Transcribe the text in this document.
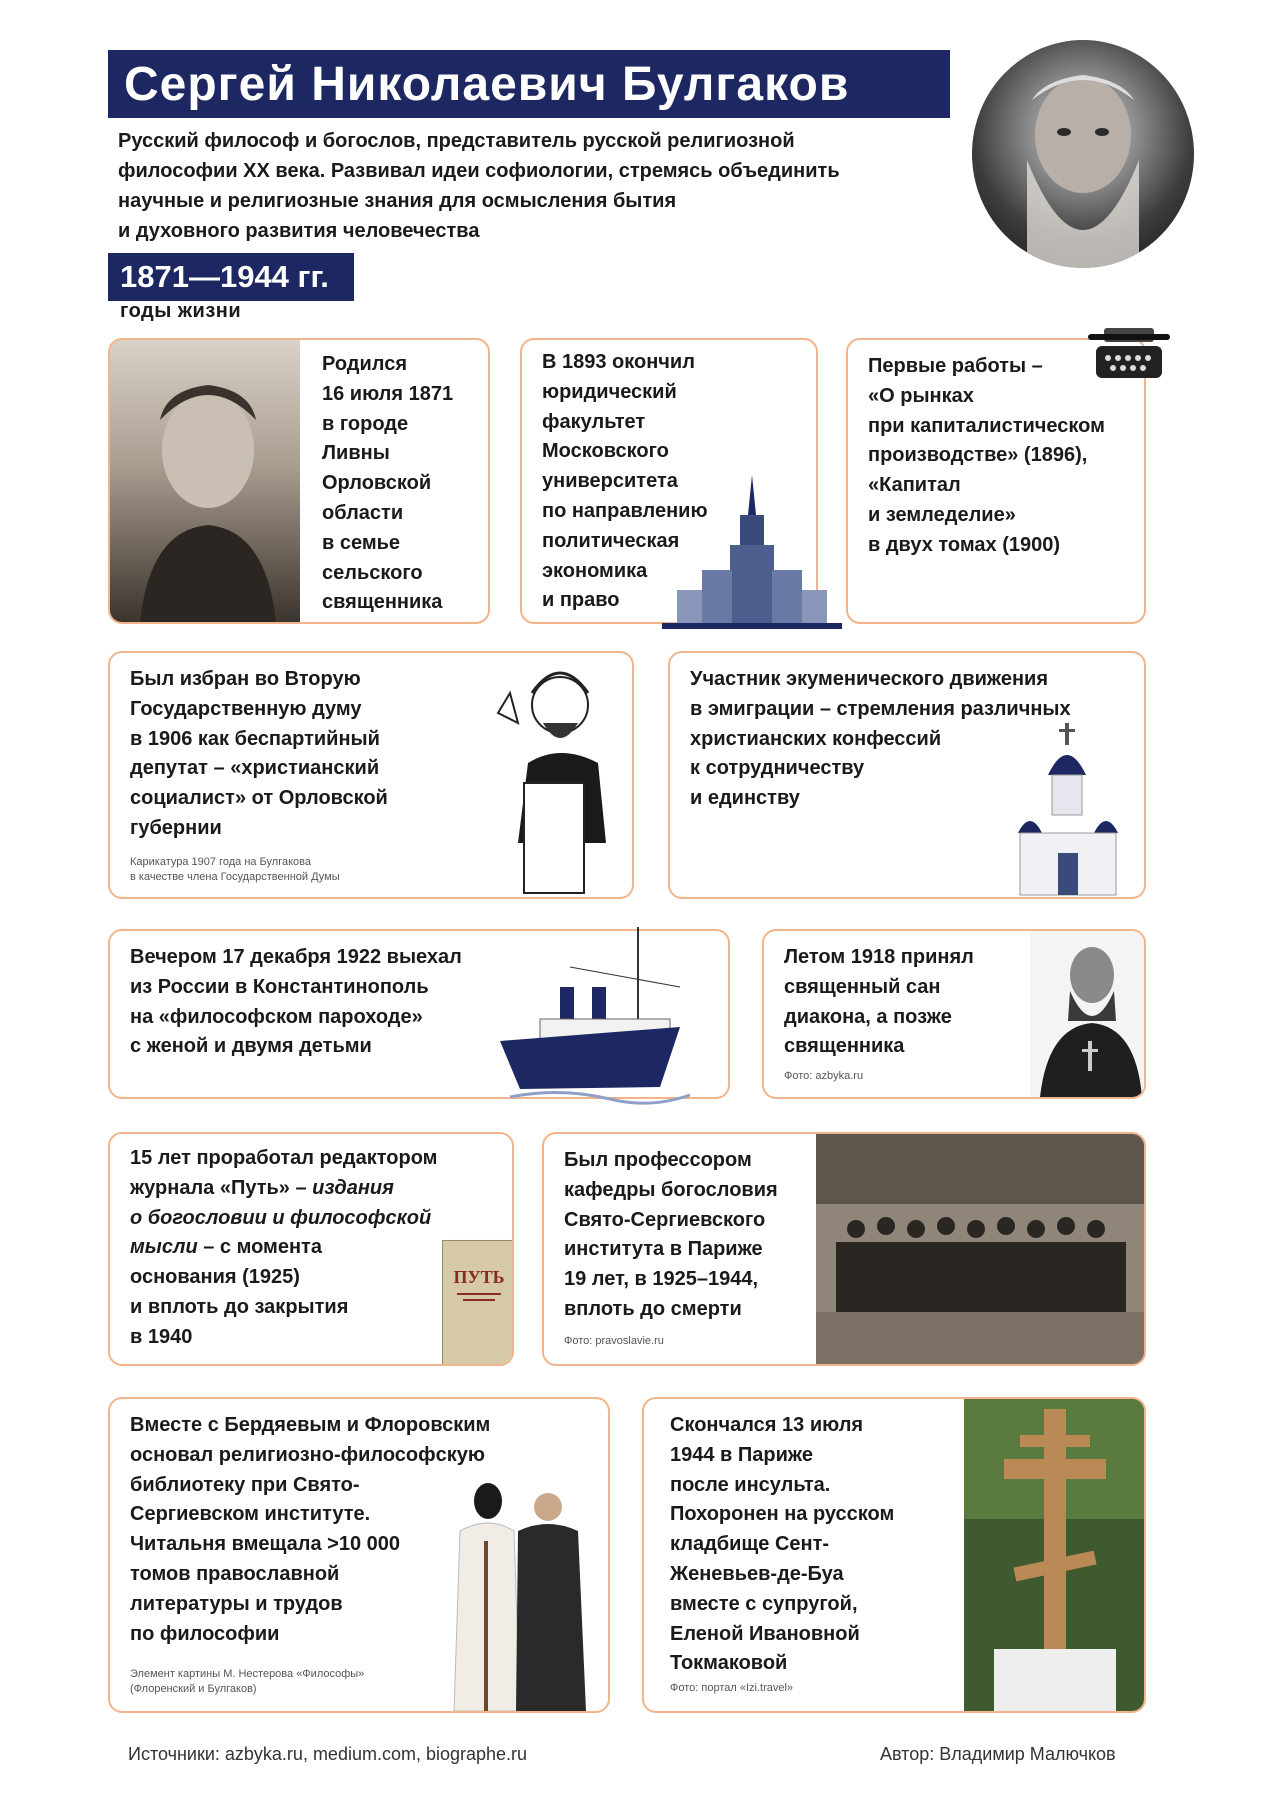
Сергей Николаевич Булгаков
Русский философ и богослов, представитель русской религиозной
философии XX века. Развивал идеи софиологии, стремясь объединить
научные и религиозные знания для осмысления бытия
и духовного развития человечества
1871—1944 гг.
годы жизни
Родился
16 июля 1871
в городе
Ливны
Орловской
области
в семье
сельского
священника
В 1893 окончил
юридический
факультет
Московского
университета
по направлению
политическая
экономика
и право
Первые работы –
«О рынках
при капиталистическом
производстве» (1896),
«Капитал
и земледелие»
в двух томах (1900)
Был избран во Вторую
Государственную думу
в 1906 как беспартийный
депутат – «христианский
социалист» от Орловской
губернии
Карикатура 1907 года на Булгакова
в качестве члена Государственной Думы
Участник экуменического движения
в эмиграции – стремления различных
христианских конфессий
к сотрудничеству
и единству
Вечером 17 декабря 1922 выехал
из России в Константинополь
на «философском пароходе»
с женой и двумя детьми
Летом 1918 принял
священный сан
диакона, а позже
священника
Фото: azbyka.ru
15 лет проработал редактором
журнала «Путь» – издания
о богословии и философской
мысли – с момента
основания (1925)
и вплоть до закрытия
в 1940
ПУТЬ
Был профессором
кафедры богословия
Свято-Сергиевского
института в Париже
19 лет, в 1925–1944,
вплоть до смерти
Фото: pravoslavie.ru
Вместе с Бердяевым и Флоровским
основал религиозно-философскую
библиотеку при Свято-
Сергиевском институте.
Читальня вмещала >10 000
томов православной
литературы и трудов
по философии
Элемент картины М. Нестерова «Философы»
(Флоренский и Булгаков)
Скончался 13 июля
1944 в Париже
после инсульта.
Похоронен на русском
кладбище Сент-
Женевьев-де-Буа
вместе с супругой,
Еленой Ивановной
Токмаковой
Фото: портал «Izi.travel»
Источники: azbyka.ru, medium.com, biographe.ru	Автор: Владимир Малючков
